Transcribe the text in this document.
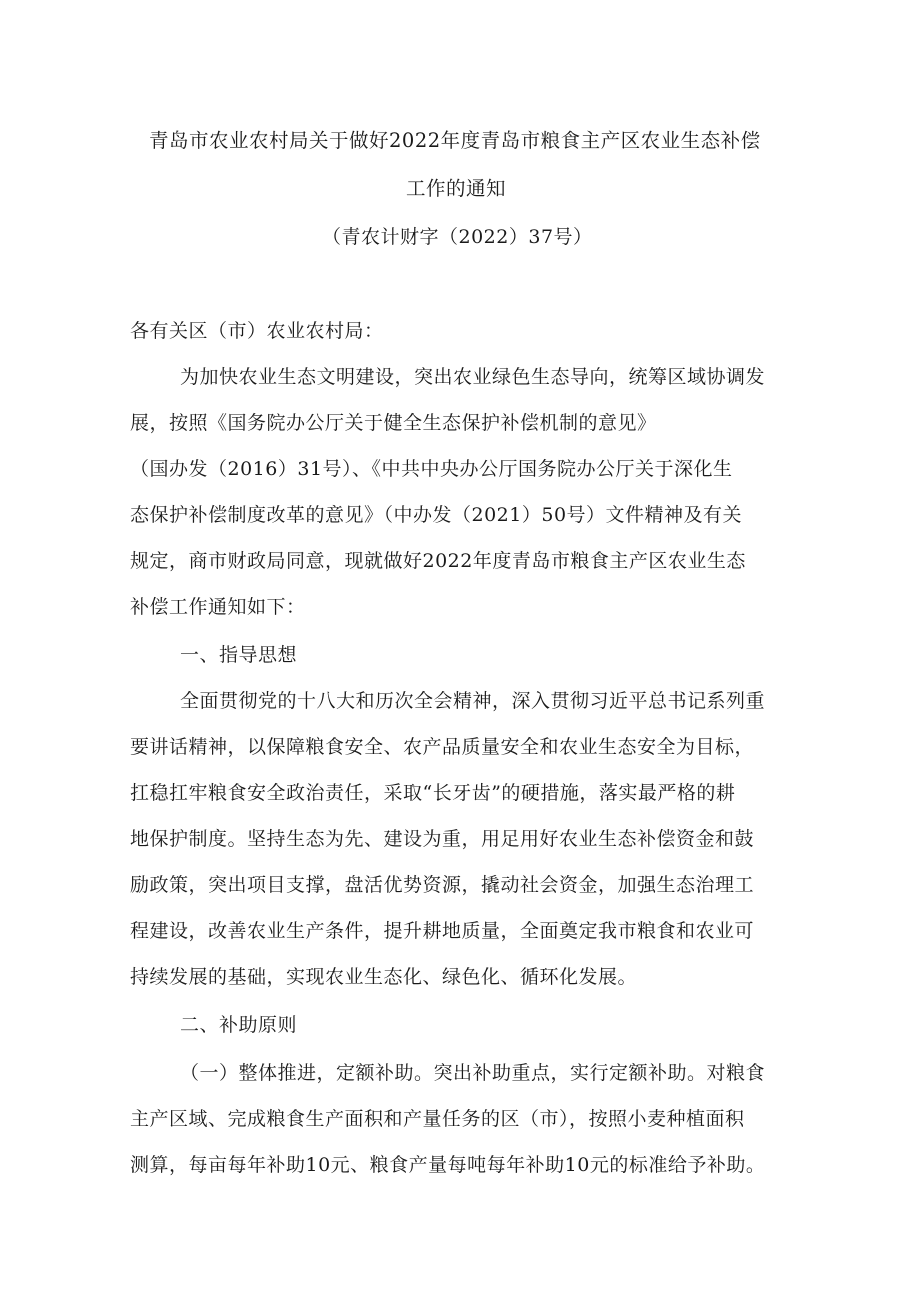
青岛市农业农村局关于做好2022年度青岛市粮食主产区农业生态补偿
工作的通知
（青农计财字（2022）37号）
各有关区（市）农业农村局：
为加快农业生态文明建设，突出农业绿色生态导向，统筹区域协调发
展，按照《国务院办公厅关于健全生态保护补偿机制的意见》
（国办发（2016）31号）、《中共中央办公厅国务院办公厅关于深化生
态保护补偿制度改革的意见》（中办发（2021）50号）文件精神及有关
规定，商市财政局同意，现就做好2022年度青岛市粮食主产区农业生态
补偿工作通知如下：
一、指导思想
全面贯彻党的十八大和历次全会精神，深入贯彻习近平总书记系列重
要讲话精神，以保障粮食安全、农产品质量安全和农业生态安全为目标，
扛稳扛牢粮食安全政治责任，采取“长牙齿”的硬措施，落实最严格的耕
地保护制度。坚持生态为先、建设为重，用足用好农业生态补偿资金和鼓
励政策，突出项目支撑，盘活优势资源，撬动社会资金，加强生态治理工
程建设，改善农业生产条件，提升耕地质量，全面奠定我市粮食和农业可
持续发展的基础，实现农业生态化、绿色化、循环化发展。
二、补助原则
（一）整体推进，定额补助。突出补助重点，实行定额补助。对粮食
主产区域、完成粮食生产面积和产量任务的区（市），按照小麦种植面积
测算，每亩每年补助10元、粮食产量每吨每年补助10元的标准给予补助。
